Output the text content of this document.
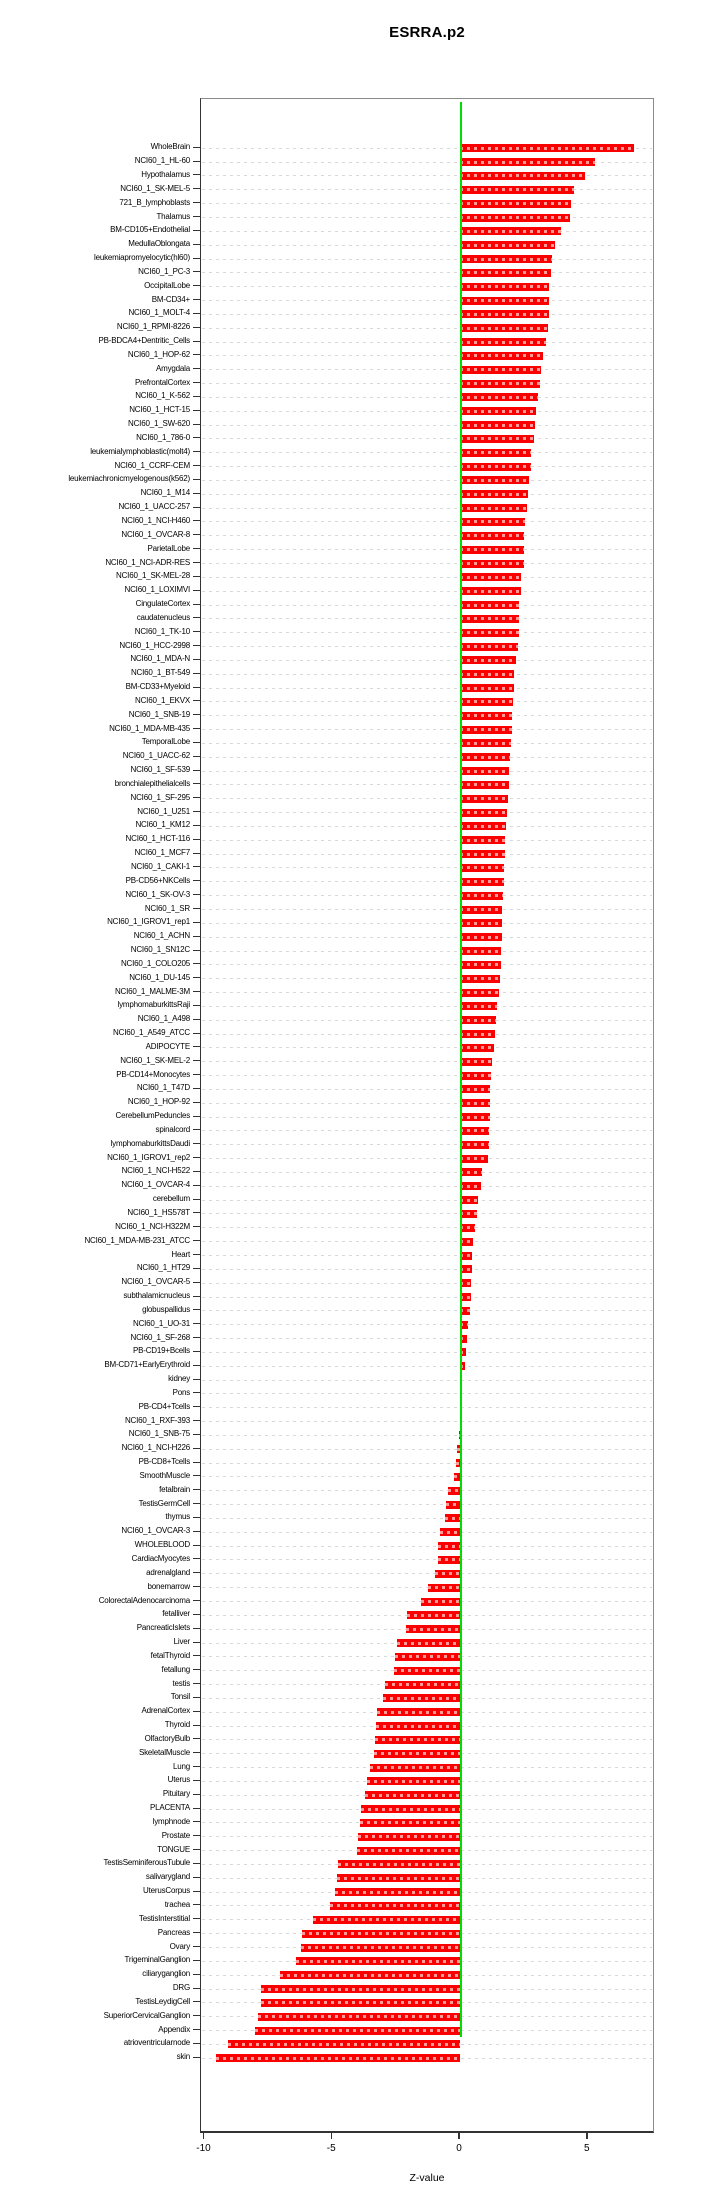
ESRRA.p2
WholeBrain
NCI60_1_HL-60
Hypothalamus
NCI60_1_SK-MEL-5
721_B_lymphoblasts
Thalamus
BM-CD105+Endothelial
MedullaOblongata
leukemiapromyelocytic(hl60)
NCI60_1_PC-3
OccipitalLobe
BM-CD34+
NCI60_1_MOLT-4
NCI60_1_RPMI-8226
PB-BDCA4+Dentritic_Cells
NCI60_1_HOP-62
Amygdala
PrefrontalCortex
NCI60_1_K-562
NCI60_1_HCT-15
NCI60_1_SW-620
NCI60_1_786-0
leukemialymphoblastic(molt4)
NCI60_1_CCRF-CEM
leukemiachronicmyelogenous(k562)
NCI60_1_M14
NCI60_1_UACC-257
NCI60_1_NCI-H460
NCI60_1_OVCAR-8
ParietalLobe
NCI60_1_NCI-ADR-RES
NCI60_1_SK-MEL-28
NCI60_1_LOXIMVI
CingulateCortex
caudatenucleus
NCI60_1_TK-10
NCI60_1_HCC-2998
NCI60_1_MDA-N
NCI60_1_BT-549
BM-CD33+Myeloid
NCI60_1_EKVX
NCI60_1_SNB-19
NCI60_1_MDA-MB-435
TemporalLobe
NCI60_1_UACC-62
NCI60_1_SF-539
bronchialepithelialcells
NCI60_1_SF-295
NCI60_1_U251
NCI60_1_KM12
NCI60_1_HCT-116
NCI60_1_MCF7
NCI60_1_CAKI-1
PB-CD56+NKCells
NCI60_1_SK-OV-3
NCI60_1_SR
NCI60_1_IGROV1_rep1
NCI60_1_ACHN
NCI60_1_SN12C
NCI60_1_COLO205
NCI60_1_DU-145
NCI60_1_MALME-3M
lymphomaburkittsRaji
NCI60_1_A498
NCI60_1_A549_ATCC
ADIPOCYTE
NCI60_1_SK-MEL-2
PB-CD14+Monocytes
NCI60_1_T47D
NCI60_1_HOP-92
CerebellumPeduncles
spinalcord
lymphomaburkittsDaudi
NCI60_1_IGROV1_rep2
NCI60_1_NCI-H522
NCI60_1_OVCAR-4
cerebellum
NCI60_1_HS578T
NCI60_1_NCI-H322M
NCI60_1_MDA-MB-231_ATCC
Heart
NCI60_1_HT29
NCI60_1_OVCAR-5
subthalamicnucleus
globuspallidus
NCI60_1_UO-31
NCI60_1_SF-268
PB-CD19+Bcells
BM-CD71+EarlyErythroid
kidney
Pons
PB-CD4+Tcells
NCI60_1_RXF-393
NCI60_1_SNB-75
NCI60_1_NCI-H226
PB-CD8+Tcells
SmoothMuscle
fetalbrain
TestisGermCell
thymus
NCI60_1_OVCAR-3
WHOLEBLOOD
CardiacMyocytes
adrenalgland
bonemarrow
ColorectalAdenocarcinoma
fetalliver
PancreaticIslets
Liver
fetalThyroid
fetallung
testis
Tonsil
AdrenalCortex
Thyroid
OlfactoryBulb
SkeletalMuscle
Lung
Uterus
Pituitary
PLACENTA
lymphnode
Prostate
TONGUE
TestisSeminiferousTubule
salivarygland
UterusCorpus
trachea
TestisInterstitial
Pancreas
Ovary
TrigeminalGanglion
ciliaryganglion
DRG
TestisLeydigCell
SuperiorCervicalGanglion
Appendix
atrioventricularnode
skin
-10	-5	0	5
Z-value
